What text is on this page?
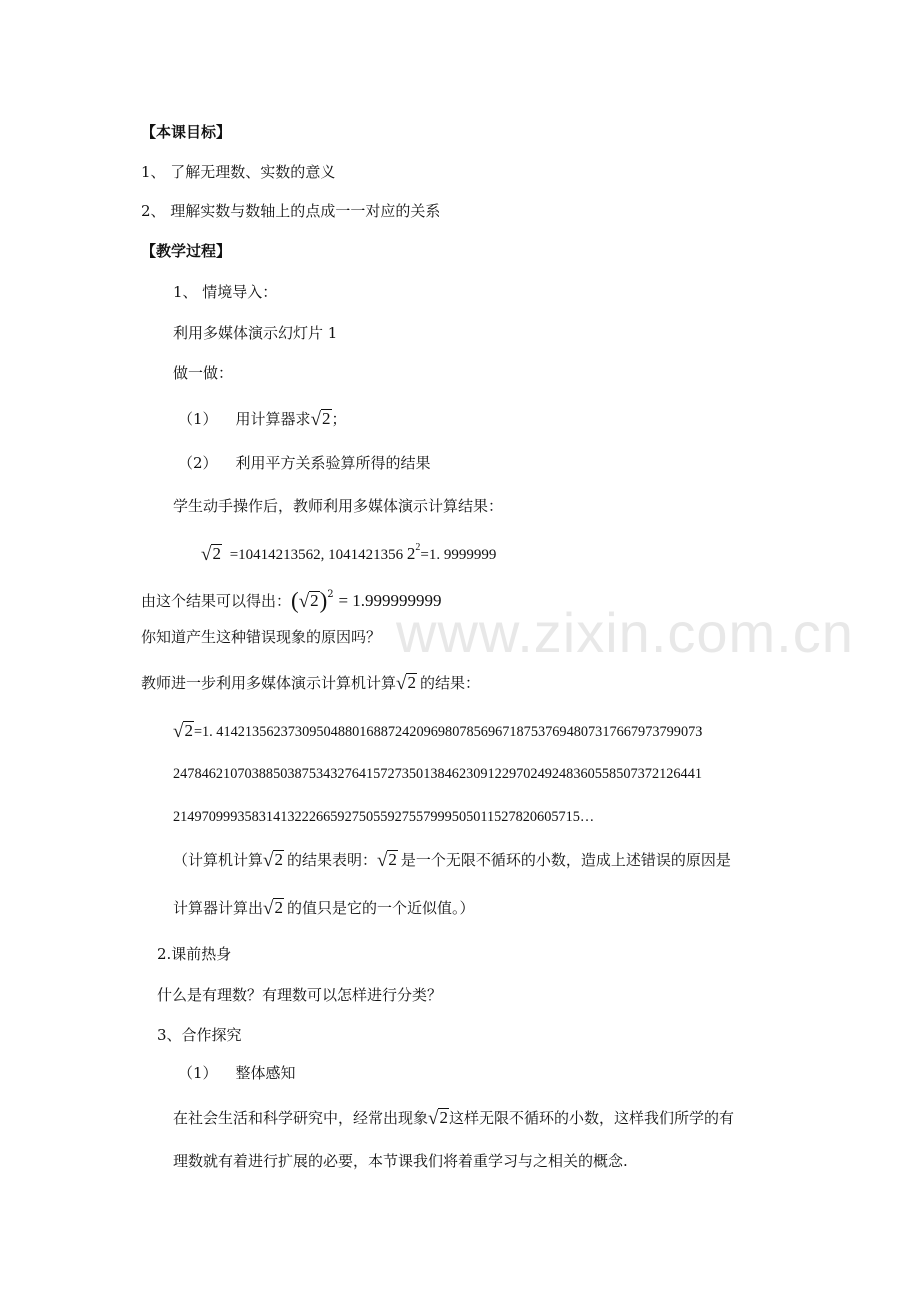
【本课目标】
1、 了解无理数、实数的意义
2、 理解实数与数轴上的点成一一对应的关系
【教学过程】
1、 情境导入：
利用多媒体演示幻灯片 1
做一做：
（1） 用计算器求√2；
（2） 利用平方关系验算所得的结果
学生动手操作后，教师利用多媒体演示计算结果：
√2 =10414213562, 1041421356 $2^2=1$. 9999999
由这个结果可以得出：$(√2)^2 = 1.999999999$
你知道产生这种错误现象的原因吗？
教师进一步利用多媒体演示计算机计算√2 的结果：
√2=1. 4142135623730950488016887242096980785696718753769480731766797379907З
24784621070388503875343276415727350138462309122970249248360558507372126441
214970999358314132226659275055927557999505011527820605715…
（计算机计算√2 的结果表明：√2 是一个无限不循环的小数，造成上述错误的原因是
计算器计算出√2 的值只是它的一个近似值。）
2.课前热身
什么是有理数？有理数可以怎样进行分类？
3、合作探究
（1） 整体感知
在社会生活和科学研究中，经常出现象√2这样无限不循环的小数，这样我们所学的有
理数就有着进行扩展的必要，本节课我们将着重学习与之相关的概念.
www.zixin.com.cn
